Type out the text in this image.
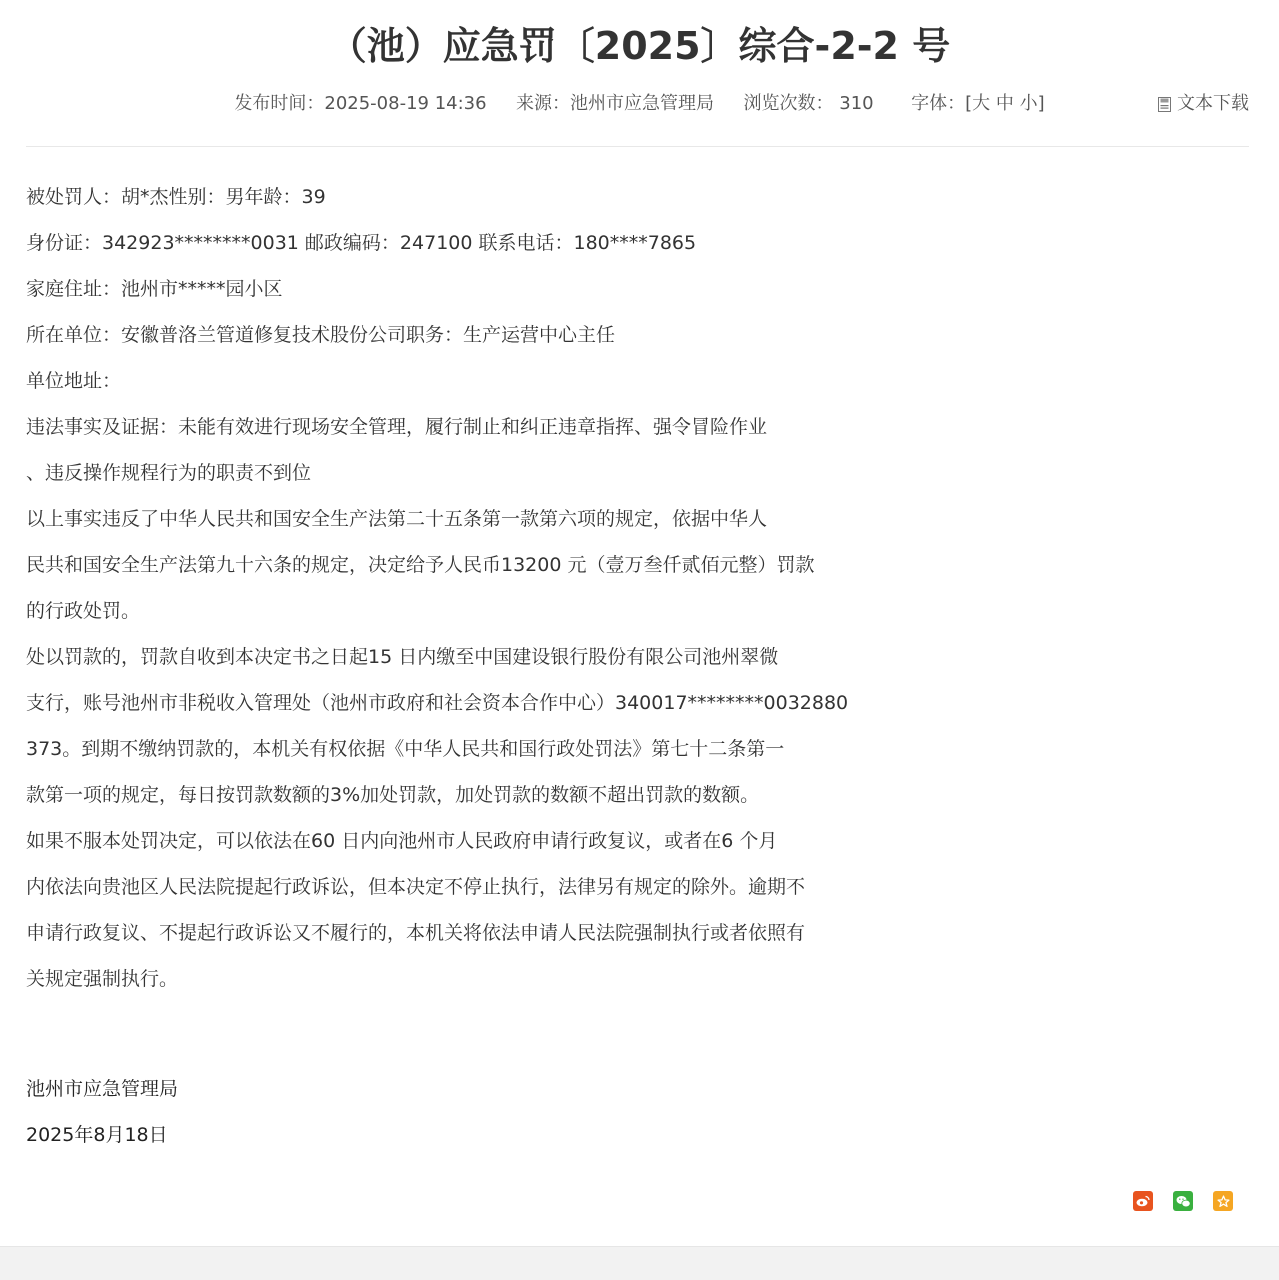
（池）应急罚〔2025〕综合-2-2 号
发布时间：2025-08-19 14:36 来源：池州市应急管理局 浏览次数： 310 字体：[大 中 小]	文本下载

被处罚人：胡*杰性别：男年龄：39

身份证：342923********0031 邮政编码：247100 联系电话：180****7865

家庭住址：池州市*****园小区

所在单位：安徽普洛兰管道修复技术股份公司职务：生产运营中心主任

单位地址：

违法事实及证据：未能有效进行现场安全管理，履行制止和纠正违章指挥、强令冒险作业

、违反操作规程行为的职责不到位

以上事实违反了中华人民共和国安全生产法第二十五条第一款第六项的规定，依据中华人

民共和国安全生产法第九十六条的规定，决定给予人民币13200 元（壹万叁仟贰佰元整）罚款

的行政处罚。

处以罚款的，罚款自收到本决定书之日起15 日内缴至中国建设银行股份有限公司池州翠微

支行，账号池州市非税收入管理处（池州市政府和社会资本合作中心）340017********0032880

373。到期不缴纳罚款的，本机关有权依据《中华人民共和国行政处罚法》第七十二条第一

款第一项的规定，每日按罚款数额的3%加处罚款，加处罚款的数额不超出罚款的数额。

如果不服本处罚决定，可以依法在60 日内向池州市人民政府申请行政复议，或者在6 个月

内依法向贵池区人民法院提起行政诉讼，但本决定不停止执行，法律另有规定的除外。逾期不

申请行政复议、不提起行政诉讼又不履行的，本机关将依法申请人民法院强制执行或者依照有

关规定强制执行。

池州市应急管理局

2025年8月18日
